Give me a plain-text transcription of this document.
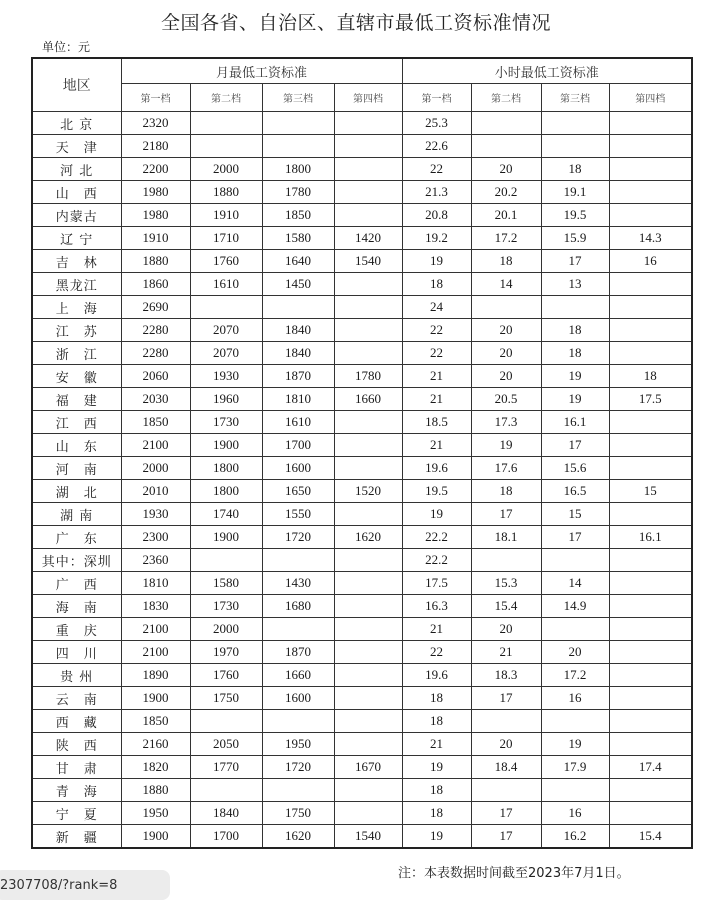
全国各省、自治区、直辖市最低工资标准情况
单位：元
地区	月最低工资标准				小时最低工资标准			
	第一档	第二档	第三档	第四档	第一档	第二档	第三档	第四档
北 京	2320				25.3			
天　津	2180				22.6			
河 北	2200	2000	1800		22	20	18	
山　西	1980	1880	1780		21.3	20.2	19.1	
内蒙古	1980	1910	1850		20.8	20.1	19.5	
辽 宁	1910	1710	1580	1420	19.2	17.2	15.9	14.3
吉　林	1880	1760	1640	1540	19	18	17	16
黑龙江	1860	1610	1450		18	14	13	
上　海	2690				24			
江　苏	2280	2070	1840		22	20	18	
浙　江	2280	2070	1840		22	20	18	
安　徽	2060	1930	1870	1780	21	20	19	18
福　建	2030	1960	1810	1660	21	20.5	19	17.5
江　西	1850	1730	1610		18.5	17.3	16.1	
山　东	2100	1900	1700		21	19	17	
河　南	2000	1800	1600		19.6	17.6	15.6	
湖　北	2010	1800	1650	1520	19.5	18	16.5	15
湖 南	1930	1740	1550		19	17	15	
广　东	2300	1900	1720	1620	22.2	18.1	17	16.1
其中：深圳	2360				22.2			
广　西	1810	1580	1430		17.5	15.3	14	
海　南	1830	1730	1680		16.3	15.4	14.9	
重　庆	2100	2000			21	20		
四　川	2100	1970	1870		22	21	20	
贵 州	1890	1760	1660		19.6	18.3	17.2	
云　南	1900	1750	1600		18	17	16	
西　藏	1850				18			
陕　西	2160	2050	1950		21	20	19	
甘　肃	1820	1770	1720	1670	19	18.4	17.9	17.4
青　海	1880				18			
宁　夏	1950	1840	1750		18	17	16	
新　疆	1900	1700	1620	1540	19	17	16.2	15.4
注：本表数据时间截至2023年7月1日。
2307708/?rank=8
